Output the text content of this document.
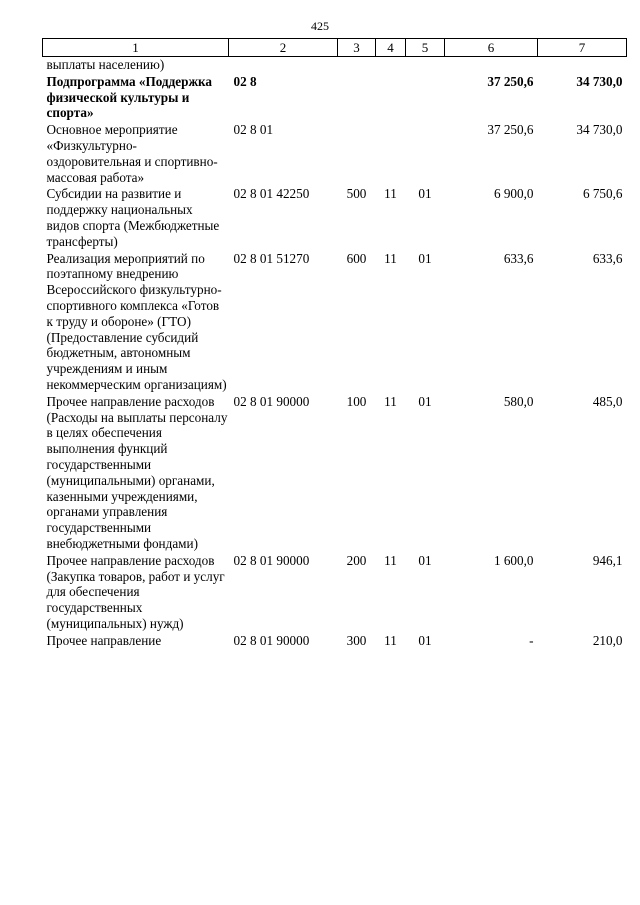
425
1	2	3	4	5	6	7
выплаты населению)						
Подпрограмма «Поддержка физической культуры и спорта»	02 8				37 250,6	34 730,0
Основное мероприятие «Физкультурно-оздоровительная и спортивно-массовая работа»	02 8 01				37 250,6	34 730,0
Субсидии на развитие и поддержку национальных видов спорта (Межбюджетные трансферты)	02 8 01 42250	500	11	01	6 900,0	6 750,6
Реализация мероприятий по поэтапному внедрению Всероссийского физкультурно-спортивного комплекса «Готов к труду и обороне» (ГТО) (Предоставление субсидий бюджетным, автономным учреждениям и иным некоммерческим организациям)	02 8 01 51270	600	11	01	633,6	633,6
Прочее направление расходов (Расходы на выплаты персоналу в целях обеспечения выполнения функций государственными (муниципальными) органами, казенными учреждениями, органами управления государственными внебюджетными фондами)	02 8 01 90000	100	11	01	580,0	485,0
Прочее направление расходов (Закупка товаров, работ и услуг для обеспечения государственных (муниципальных) нужд)	02 8 01 90000	200	11	01	1 600,0	946,1
Прочее направление	02 8 01 90000	300	11	01	-	210,0
